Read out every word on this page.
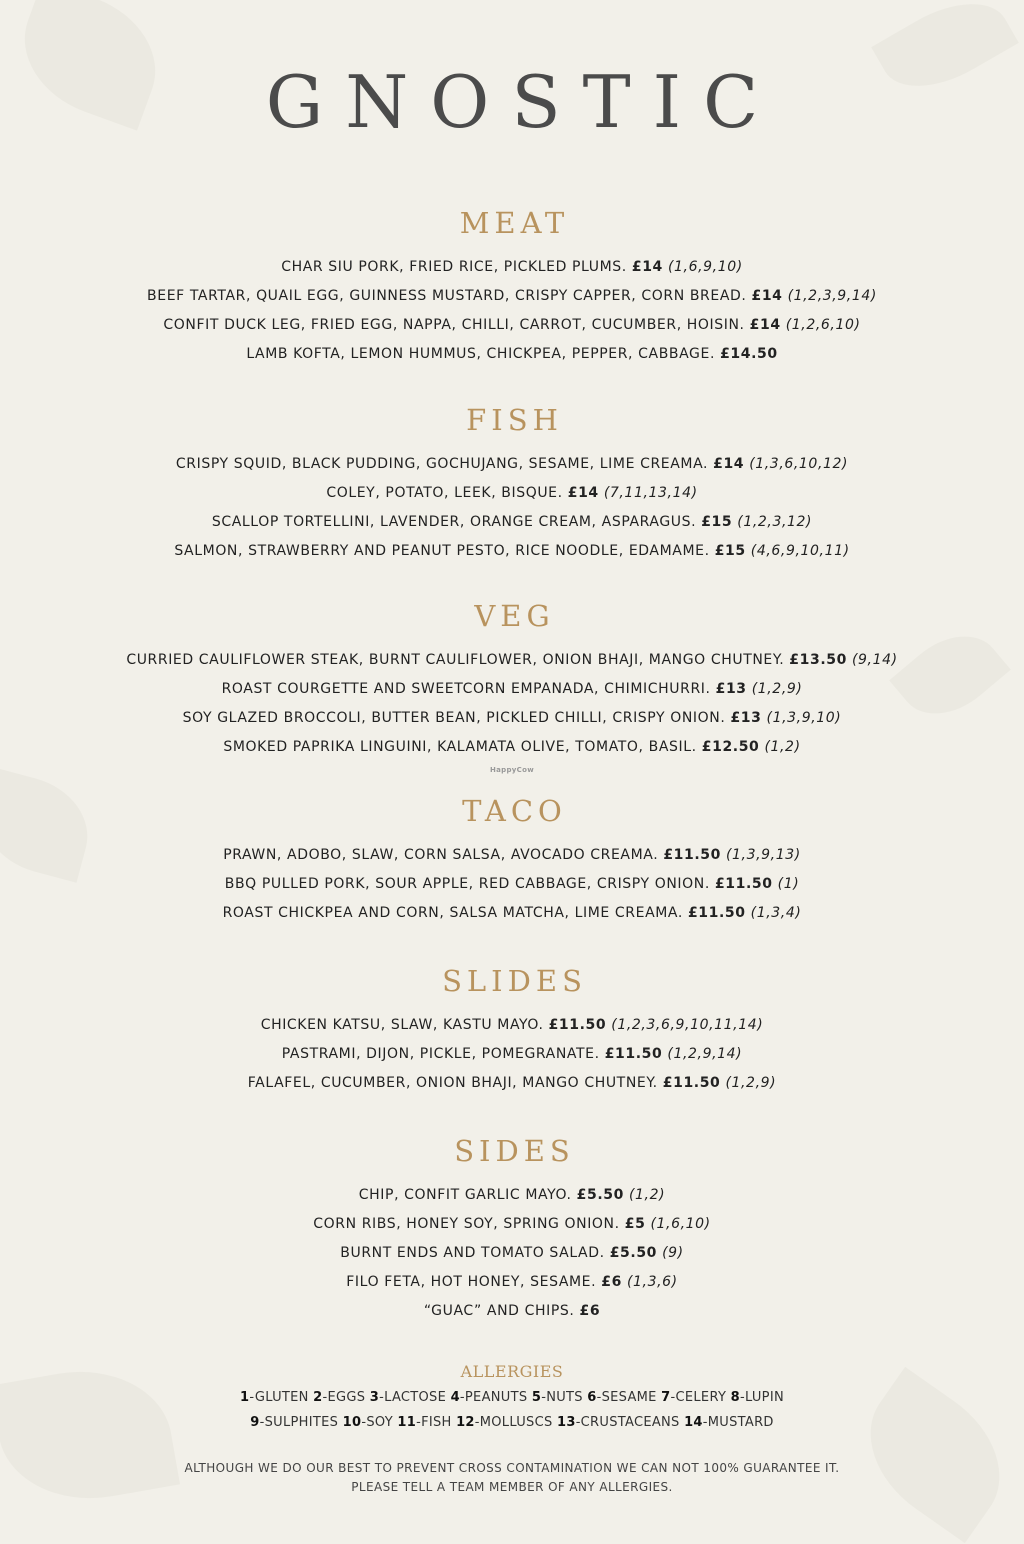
GNOSTIC
MEAT
CHAR SIU PORK, FRIED RICE, PICKLED PLUMS. £14 (1,6,9,10)
BEEF TARTAR, QUAIL EGG, GUINNESS MUSTARD, CRISPY CAPPER, CORN BREAD. £14 (1,2,3,9,14)
CONFIT DUCK LEG, FRIED EGG, NAPPA, CHILLI, CARROT, CUCUMBER, HOISIN. £14 (1,2,6,10)
LAMB KOFTA, LEMON HUMMUS, CHICKPEA, PEPPER, CABBAGE. £14.50
FISH
CRISPY SQUID, BLACK PUDDING, GOCHUJANG, SESAME, LIME CREAMA. £14 (1,3,6,10,12)
COLEY, POTATO, LEEK, BISQUE. £14 (7,11,13,14)
SCALLOP TORTELLINI, LAVENDER, ORANGE CREAM, ASPARAGUS. £15 (1,2,3,12)
SALMON, STRAWBERRY AND PEANUT PESTO, RICE NOODLE, EDAMAME. £15 (4,6,9,10,11)
VEG
CURRIED CAULIFLOWER STEAK, BURNT CAULIFLOWER, ONION BHAJI, MANGO CHUTNEY. £13.50 (9,14)
ROAST COURGETTE AND SWEETCORN EMPANADA, CHIMICHURRI. £13 (1,2,9)
SOY GLAZED BROCCOLI, BUTTER BEAN, PICKLED CHILLI, CRISPY ONION. £13 (1,3,9,10)
SMOKED PAPRIKA LINGUINI, KALAMATA OLIVE, TOMATO, BASIL. £12.50 (1,2)
TACO
PRAWN, ADOBO, SLAW, CORN SALSA, AVOCADO CREAMA. £11.50 (1,3,9,13)
BBQ PULLED PORK, SOUR APPLE, RED CABBAGE, CRISPY ONION. £11.50 (1)
ROAST CHICKPEA AND CORN, SALSA MATCHA, LIME CREAMA. £11.50 (1,3,4)
SLIDES
CHICKEN KATSU, SLAW, KASTU MAYO. £11.50 (1,2,3,6,9,10,11,14)
PASTRAMI, DIJON, PICKLE, POMEGRANATE. £11.50 (1,2,9,14)
FALAFEL, CUCUMBER, ONION BHAJI, MANGO CHUTNEY. £11.50 (1,2,9)
SIDES
CHIP, CONFIT GARLIC MAYO. £5.50 (1,2)
CORN RIBS, HONEY SOY, SPRING ONION. £5 (1,6,10)
BURNT ENDS AND TOMATO SALAD. £5.50 (9)
FILO FETA, HOT HONEY, SESAME. £6 (1,3,6)
“GUAC” AND CHIPS. £6
HappyCow
ALLERGIES
1-GLUTEN 2-EGGS 3-LACTOSE 4-PEANUTS 5-NUTS 6-SESAME 7-CELERY 8-LUPIN
9-SULPHITES 10-SOY 11-FISH 12-MOLLUSCS 13-CRUSTACEANS 14-MUSTARD
ALTHOUGH WE DO OUR BEST TO PREVENT CROSS CONTAMINATION WE CAN NOT 100% GUARANTEE IT.
PLEASE TELL A TEAM MEMBER OF ANY ALLERGIES.
